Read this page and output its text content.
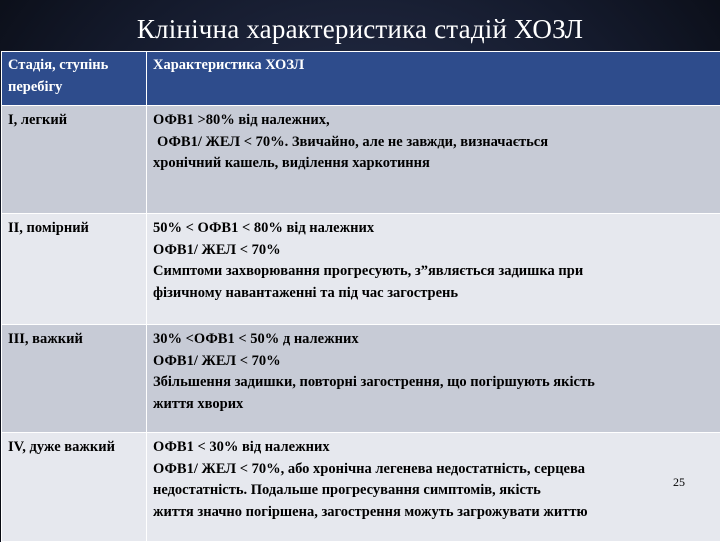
Клінічна характеристика стадій ХОЗЛ
Стадія, ступінь перебігу	Характеристика ХОЗЛ
I, легкий	ОФВ1 >80% від належних,
ОФВ1/ ЖЕЛ < 70%. Звичайно, але не завжди, визначається
хронічний кашель, виділення харкотиння

II, помірний	50% < ОФВ1 < 80% від належних
ОФВ1/ ЖЕЛ < 70%
Симптоми захворювання прогресують, з”являється задишка при
фізичному навантаженні та під час загострень

III, важкий	30% <ОФВ1 < 50% д належних
ОФВ1/ ЖЕЛ < 70%
Збільшення задишки, повторні загострення, що погіршують якість
життя хворих

IV, дуже важкий	ОФВ1 < 30% від належних
ОФВ1/ ЖЕЛ < 70%, або хронічна легенева недостатність, серцева
недостатність. Подальше прогресування симптомів, якість
життя значно погіршена, загострення можуть загрожувати життю
25
